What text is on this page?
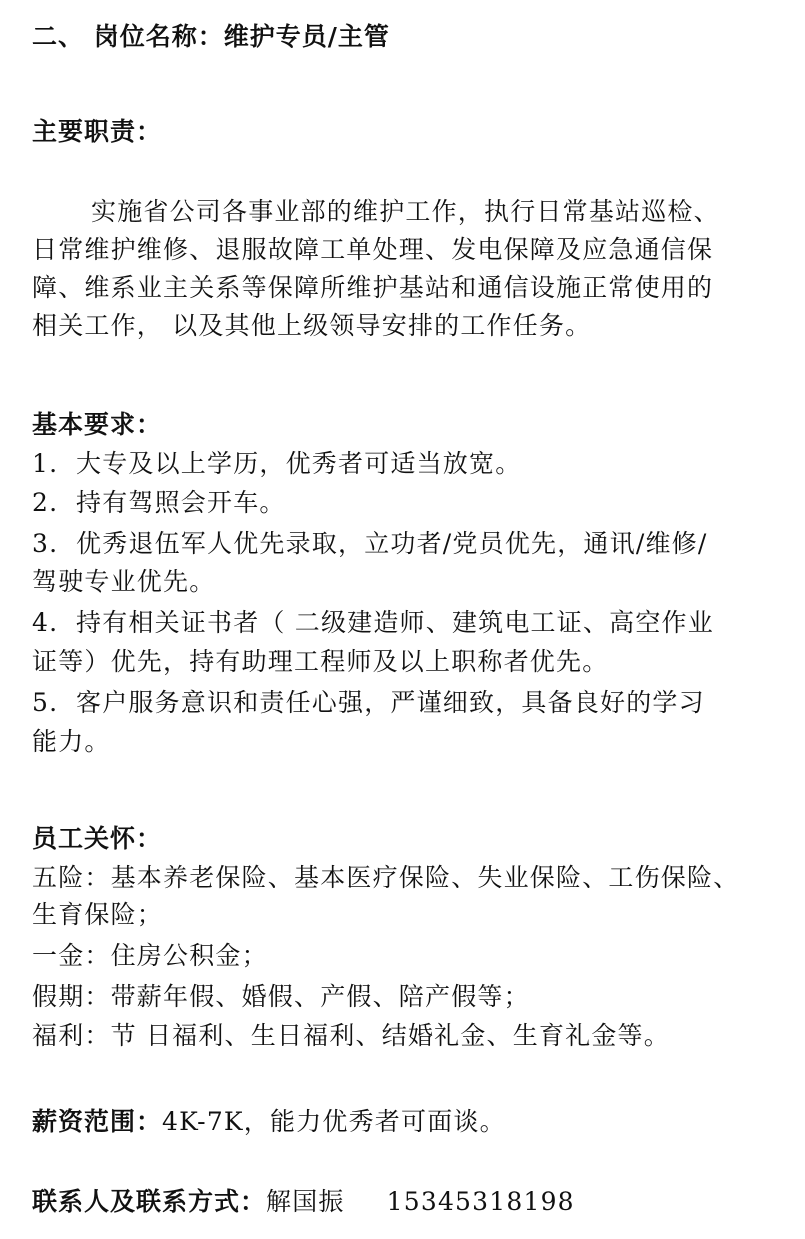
二、 岗位名称：维护专员/主管
主要职责：
实施省公司各事业部的维护工作，执行日常基站巡检、
日常维护维修、退服故障工单处理、发电保障及应急通信保
障、维系业主关系等保障所维护基站和通信设施正常使用的
相关工作， 以及其他上级领导安排的工作任务。
基本要求：
1. 大专及以上学历，优秀者可适当放宽。
2. 持有驾照会开车。
3. 优秀退伍军人优先录取，立功者/党员优先，通讯/维修/
驾驶专业优先。
4. 持有相关证书者（ 二级建造师、建筑电工证、高空作业
证等）优先，持有助理工程师及以上职称者优先。
5. 客户服务意识和责任心强，严谨细致，具备良好的学习
能力。
员工关怀：
五险：基本养老保险、基本医疗保险、失业保险、工伤保险、
生育保险；
一金：住房公积金；
假期：带薪年假、婚假、产假、陪产假等；
福利：节 日福利、生日福利、结婚礼金、生育礼金等。
薪资范围：4K-7K，能力优秀者可面谈。
联系人及联系方式：解国振 15345318198
